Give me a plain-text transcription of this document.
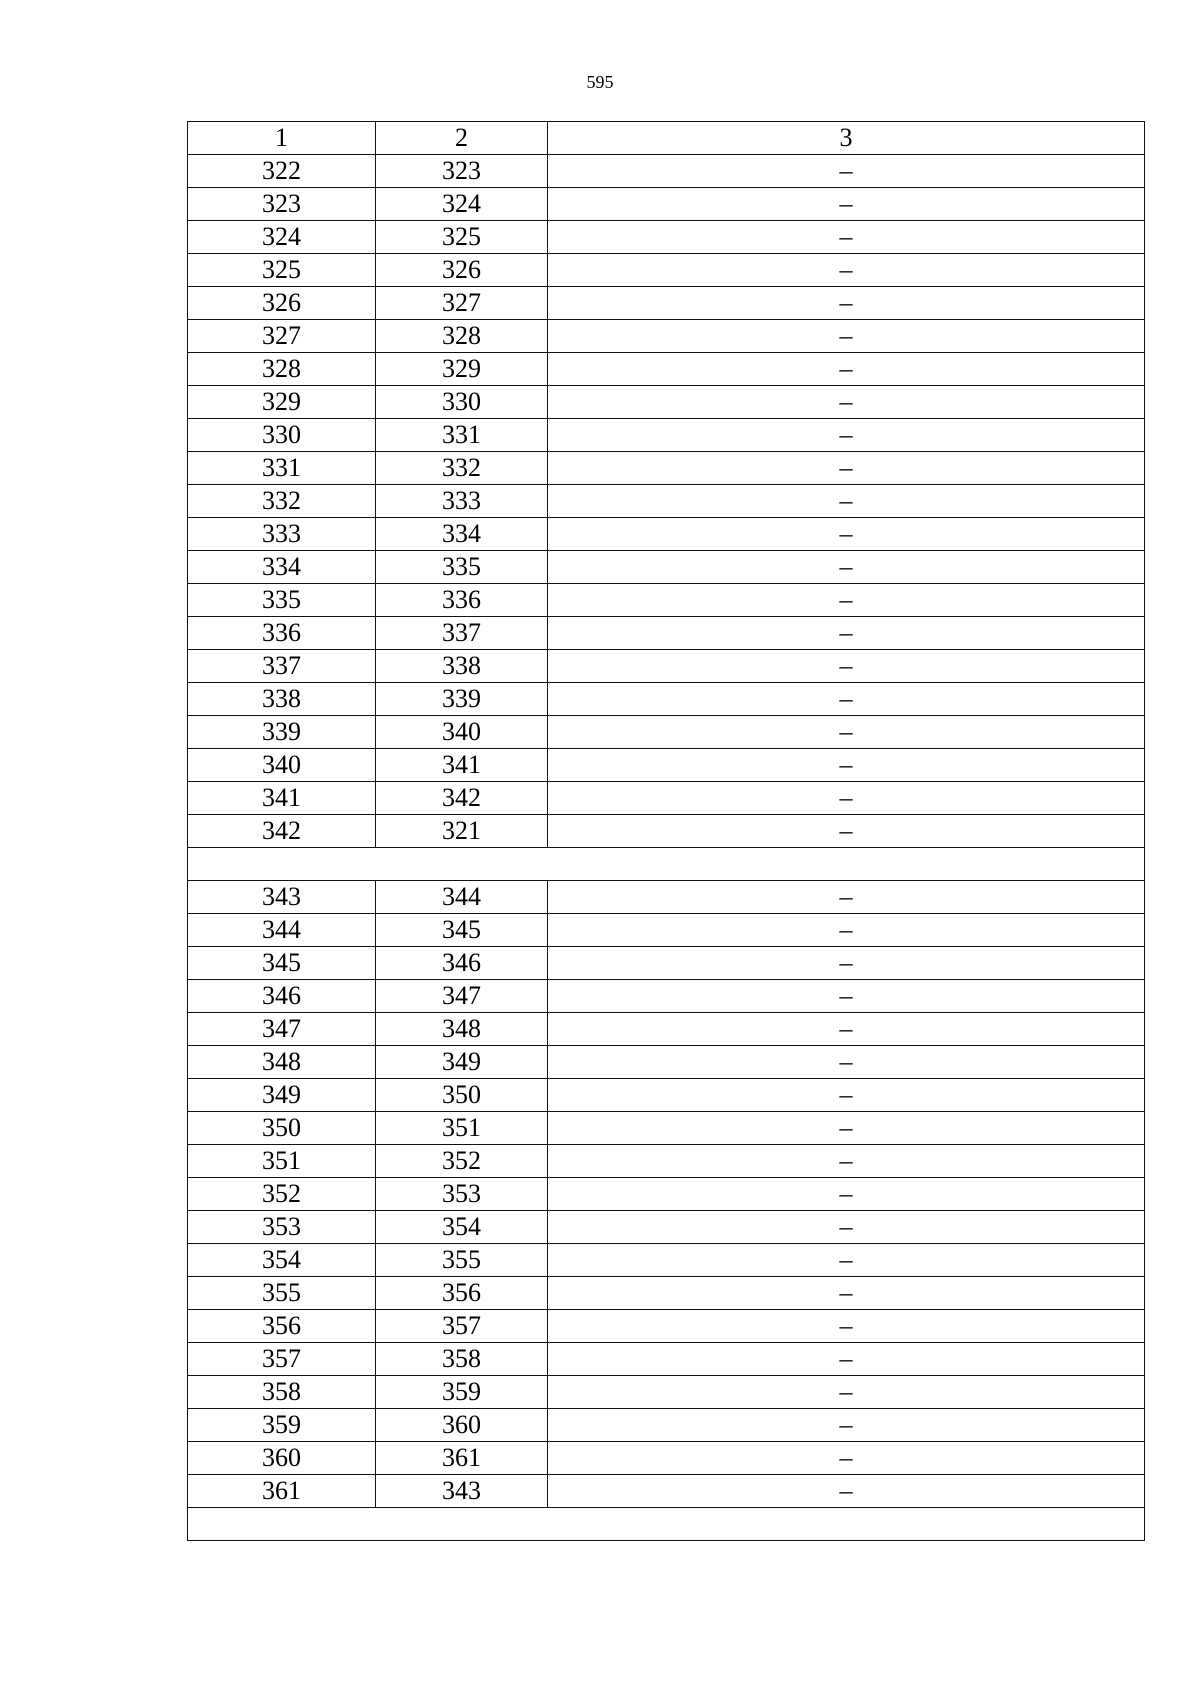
595
1	2	3
322	323	–
323	324	–
324	325	–
325	326	–
326	327	–
327	328	–
328	329	–
329	330	–
330	331	–
331	332	–
332	333	–
333	334	–
334	335	–
335	336	–
336	337	–
337	338	–
338	339	–
339	340	–
340	341	–
341	342	–
342	321	–

343	344	–
344	345	–
345	346	–
346	347	–
347	348	–
348	349	–
349	350	–
350	351	–
351	352	–
352	353	–
353	354	–
354	355	–
355	356	–
356	357	–
357	358	–
358	359	–
359	360	–
360	361	–
361	343	–
